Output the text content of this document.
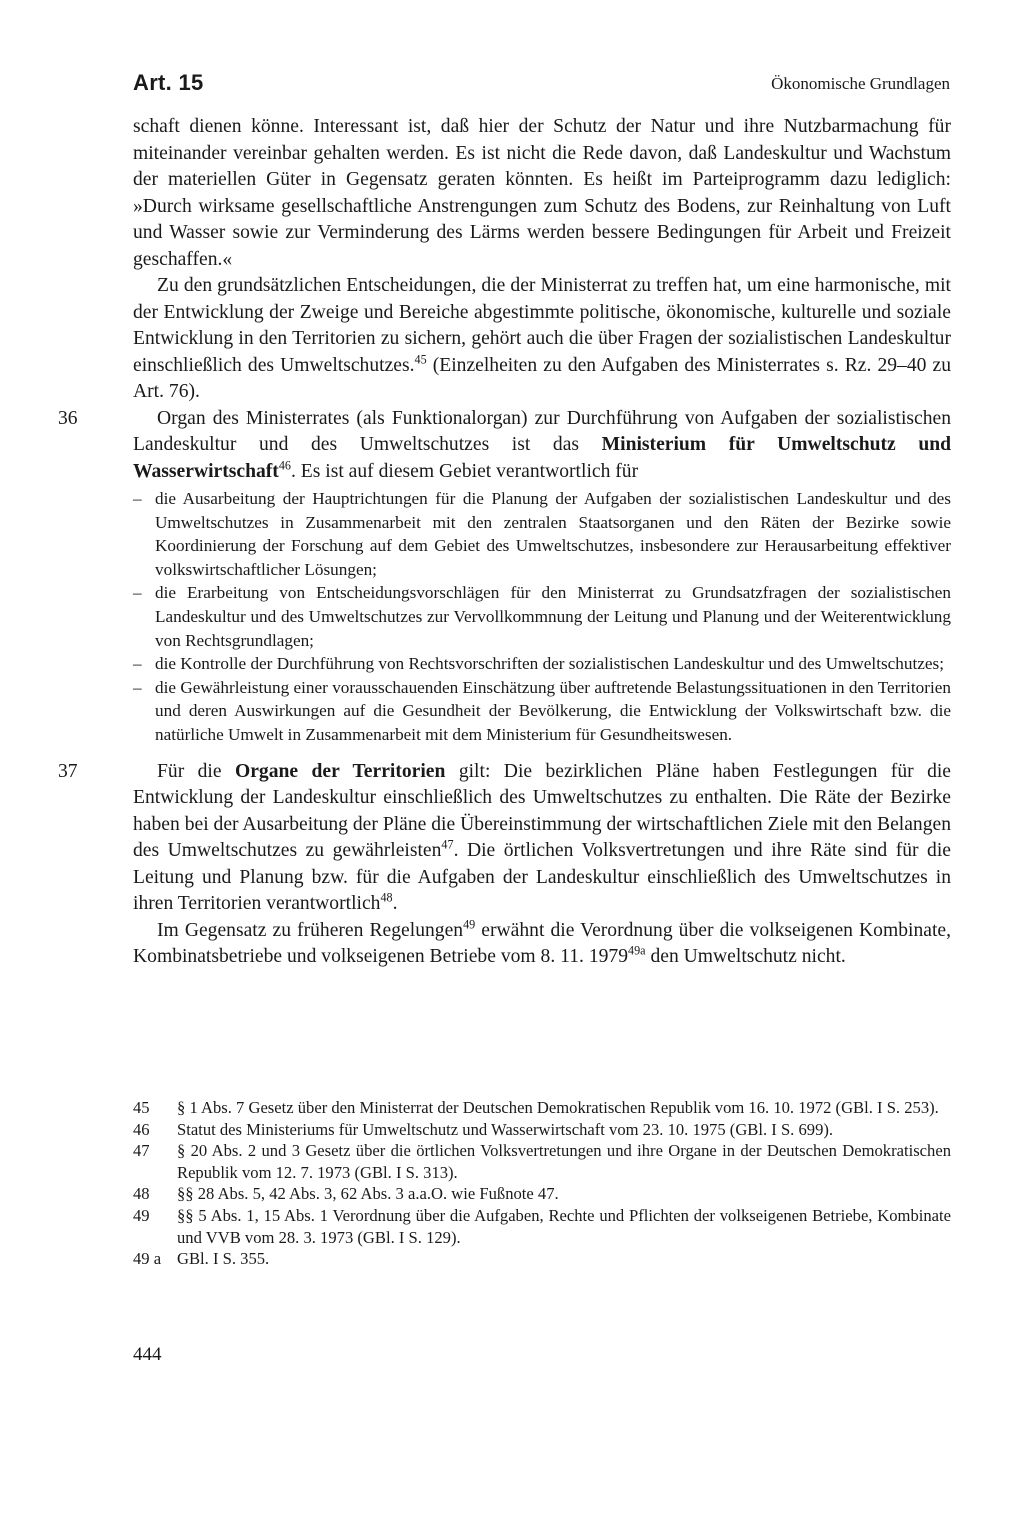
Art. 15	Ökonomische Grundlagen

schaft dienen könne. Interessant ist, daß hier der Schutz der Natur und ihre Nutzbarmachung für miteinander vereinbar gehalten werden. Es ist nicht die Rede davon, daß Landeskultur und Wachstum der materiellen Güter in Gegensatz geraten könnten. Es heißt im Parteiprogramm dazu lediglich: »Durch wirksame gesellschaftliche Anstrengungen zum Schutz des Bodens, zur Reinhaltung von Luft und Wasser sowie zur Verminderung des Lärms werden bessere Bedingungen für Arbeit und Freizeit geschaffen.«

Zu den grundsätzlichen Entscheidungen, die der Ministerrat zu treffen hat, um eine harmonische, mit der Entwicklung der Zweige und Bereiche abgestimmte politische, ökonomische, kulturelle und soziale Entwicklung in den Territorien zu sichern, gehört auch die über Fragen der sozialistischen Landeskultur einschließlich des Umweltschutzes.$^{45}$ (Einzelheiten zu den Aufgaben des Ministerrates s. Rz. 29–40 zu Art. 76).

36	Organ des Ministerrates (als Funktionalorgan) zur Durchführung von Aufgaben der sozialistischen Landeskultur und des Umweltschutzes ist das Ministerium für Umweltschutz und Wasserwirtschaft$^{46}$. Es ist auf diesem Gebiet verantwortlich für

– die Ausarbeitung der Hauptrichtungen für die Planung der Aufgaben der sozialistischen Landeskultur und des Umweltschutzes in Zusammenarbeit mit den zentralen Staatsorganen und den Räten der Bezirke sowie Koordinierung der Forschung auf dem Gebiet des Umweltschutzes, insbesondere zur Herausarbeitung effektiver volkswirtschaftlicher Lösungen;
– die Erarbeitung von Entscheidungsvorschlägen für den Ministerrat zu Grundsatzfragen der sozialistischen Landeskultur und des Umweltschutzes zur Vervollkommnung der Leitung und Planung und der Weiterentwicklung von Rechtsgrundlagen;
– die Kontrolle der Durchführung von Rechtsvorschriften der sozialistischen Landeskultur und des Umweltschutzes;
– die Gewährleistung einer vorausschauenden Einschätzung über auftretende Belastungssituationen in den Territorien und deren Auswirkungen auf die Gesundheit der Bevölkerung, die Entwicklung der Volkswirtschaft bzw. die natürliche Umwelt in Zusammenarbeit mit dem Ministerium für Gesundheitswesen.

37	Für die Organe der Territorien gilt: Die bezirklichen Pläne haben Festlegungen für die Entwicklung der Landeskultur einschließlich des Umweltschutzes zu enthalten. Die Räte der Bezirke haben bei der Ausarbeitung der Pläne die Übereinstimmung der wirtschaftlichen Ziele mit den Belangen des Umweltschutzes zu gewährleisten$^{47}$. Die örtlichen Volksvertretungen und ihre Räte sind für die Leitung und Planung bzw. für die Aufgaben der Landeskultur einschließlich des Umweltschutzes in ihren Territorien verantwortlich$^{48}$.

Im Gegensatz zu früheren Regelungen$^{49}$ erwähnt die Verordnung über die volkseigenen Kombinate, Kombinatsbetriebe und volkseigenen Betriebe vom 8. 11. $1979^{49a}$ den Umweltschutz nicht.

45 § 1 Abs. 7 Gesetz über den Ministerrat der Deutschen Demokratischen Republik vom 16. 10. 1972 (GBl. I S. 253).
46 Statut des Ministeriums für Umweltschutz und Wasserwirtschaft vom 23. 10. 1975 (GBl. I S. 699).
47 § 20 Abs. 2 und 3 Gesetz über die örtlichen Volksvertretungen und ihre Organe in der Deutschen Demokratischen Republik vom 12. 7. 1973 (GBl. I S. 313).
48 §§ 28 Abs. 5, 42 Abs. 3, 62 Abs. 3 a.a.O. wie Fußnote 47.
49 §§ 5 Abs. 1, 15 Abs. 1 Verordnung über die Aufgaben, Rechte und Pflichten der volkseigenen Betriebe, Kombinate und VVB vom 28. 3. 1973 (GBl. I S. 129).
49 a GBl. I S. 355.
444
